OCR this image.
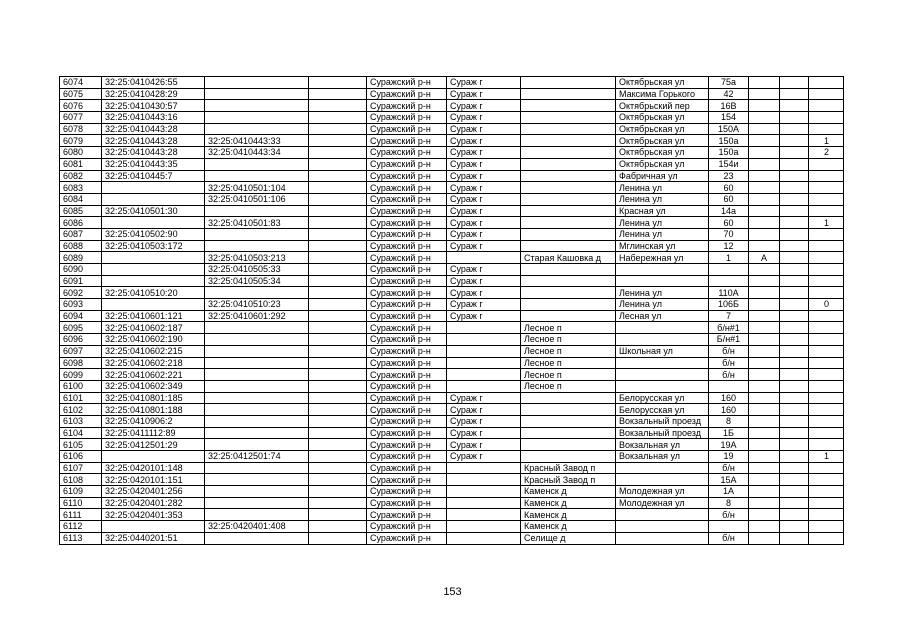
6074	32:25:0410426:55			Суражский р-н	Сураж г		Октябрьская ул	75а			
6075	32:25:0410428:29			Суражский р-н	Сураж г		Максима Горького	42			
6076	32:25:0410430:57			Суражский р-н	Сураж г		Октябрьский пер	16В			
6077	32:25:0410443:16			Суражский р-н	Сураж г		Октябрьская ул	154			
6078	32:25:0410443:28			Суражский р-н	Сураж г		Октябрьская ул	150А			
6079	32:25:0410443:28	32:25:0410443:33		Суражский р-н	Сураж г		Октябрьская ул	150а			1
6080	32:25:0410443:28	32:25:0410443:34		Суражский р-н	Сураж г		Октябрьская ул	150а			2
6081	32:25:0410443:35			Суражский р-н	Сураж г		Октябрьская ул	154и			
6082	32:25:0410445:7			Суражский р-н	Сураж г		Фабричная ул	23			
6083		32:25:0410501:104		Суражский р-н	Сураж г		Ленина ул	60			
6084		32:25:0410501:106		Суражский р-н	Сураж г		Ленина ул	60			
6085	32:25:0410501:30			Суражский р-н	Сураж г		Красная ул	14а			
6086		32:25:0410501:83		Суражский р-н	Сураж г		Ленина ул	60			1
6087	32:25:0410502:90			Суражский р-н	Сураж г		Ленина ул	70			
6088	32:25:0410503:172			Суражский р-н	Сураж г		Мглинская ул	12			
6089		32:25:0410503:213		Суражский р-н		Старая Кашовка д	Набережная ул	1	А		
6090		32:25:0410505:33		Суражский р-н	Сураж г						
6091		32:25:0410505:34		Суражский р-н	Сураж г						
6092	32:25:0410510:20			Суражский р-н	Сураж г		Ленина ул	110А			
6093		32:25:0410510:23		Суражский р-н	Сураж г		Ленина ул	106Б			0
6094	32:25:0410601:121	32:25:0410601:292		Суражский р-н	Сураж г		Лесная ул	7			
6095	32:25:0410602:187			Суражский р-н		Лесное п		б/н#1			
6096	32:25:0410602:190			Суражский р-н		Лесное п		Б/н#1			
6097	32:25:0410602:215			Суражский р-н		Лесное п	Школьная ул	б/н			
6098	32:25:0410602:218			Суражский р-н		Лесное п		б/н			
6099	32:25:0410602:221			Суражский р-н		Лесное п		б/н			
6100	32:25:0410602:349			Суражский р-н		Лесное п					
6101	32:25:0410801:185			Суражский р-н	Сураж г		Белорусская ул	160			
6102	32:25:0410801:188			Суражский р-н	Сураж г		Белорусская ул	160			
6103	32:25:0410906:2			Суражский р-н	Сураж г		Вокзальный проезд	8			
6104	32:25:0411112:89			Суражский р-н	Сураж г		Вокзальный проезд	1Б			
6105	32:25:0412501:29			Суражский р-н	Сураж г		Вокзальная ул	19А			
6106		32:25:0412501:74		Суражский р-н	Сураж г		Вокзальная ул	19			1
6107	32:25:0420101:148			Суражский р-н		Красный Завод п		б/н			
6108	32:25:0420101:151			Суражский р-н		Красный Завод п		15А			
6109	32:25:0420401:256			Суражский р-н		Каменск д	Молодежная ул	1А			
6110	32:25:0420401:282			Суражский р-н		Каменск д	Молодежная ул	8			
6111	32:25:0420401:353			Суражский р-н		Каменск д		б/н			
6112		32:25:0420401:408		Суражский р-н		Каменск д					
6113	32:25:0440201:51			Суражский р-н		Селище д		б/н			
153
